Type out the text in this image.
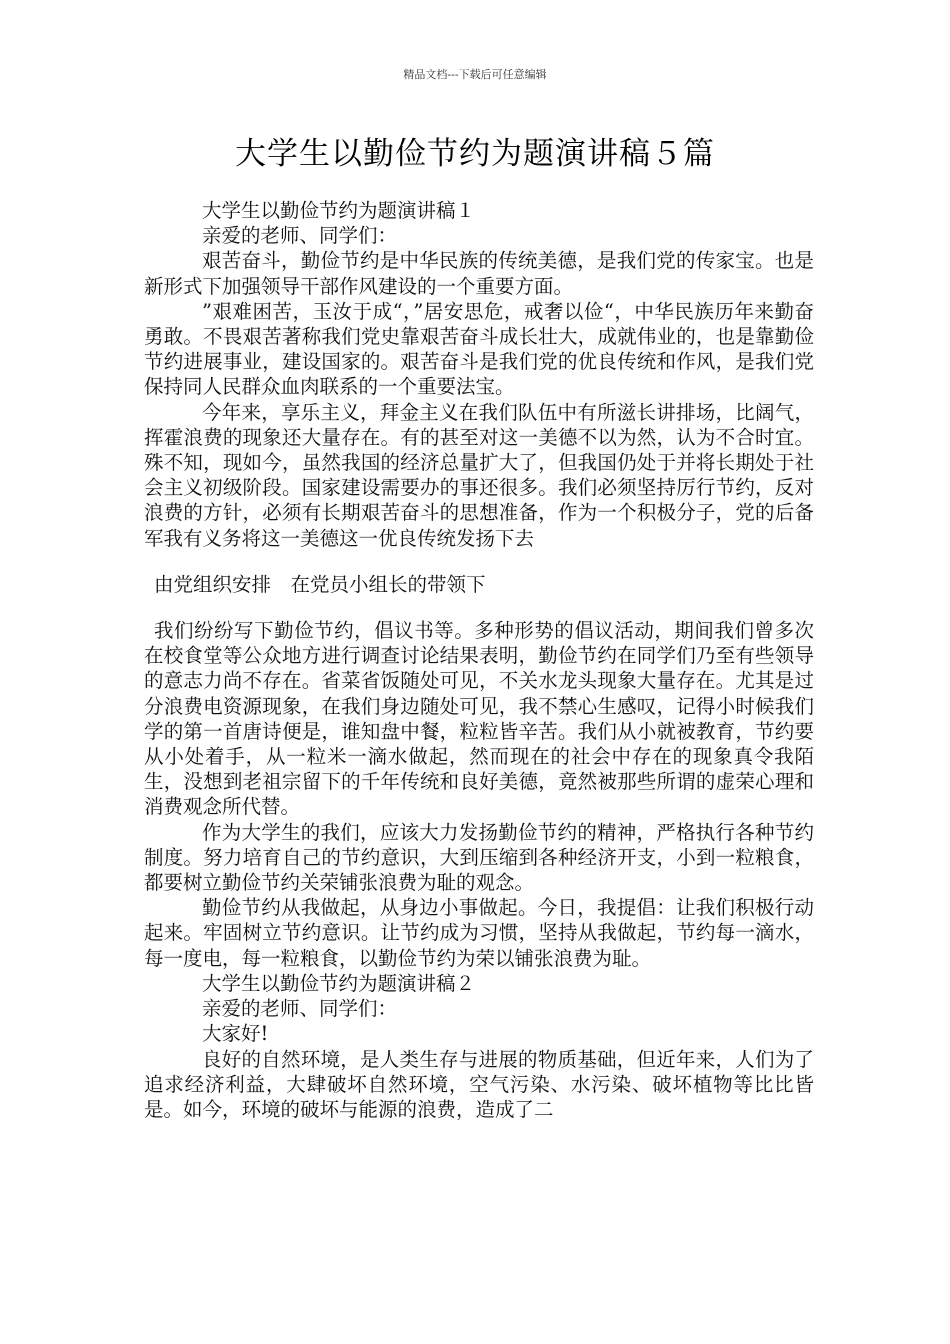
精品文档---下载后可任意编辑
大学生以勤俭节约为题演讲稿５篇

大学生以勤俭节约为题演讲稿１

亲爱的老师、同学们：

艰苦奋斗，勤俭节约是中华民族的传统美德，是我们党的传家宝。也是新形式下加强领导干部作风建设的一个重要方面。

”艰难困苦，玉汝于成“，”居安思危，戒奢以俭“，中华民族历年来勤奋勇敢。不畏艰苦著称我们党史靠艰苦奋斗成长壮大，成就伟业的，也是靠勤俭节约进展事业，建设国家的。艰苦奋斗是我们党的优良传统和作风，是我们党保持同人民群众血肉联系的一个重要法宝。

今年来，享乐主义，拜金主义在我们队伍中有所滋长讲排场，比阔气，挥霍浪费的现象还大量存在。有的甚至对这一美德不以为然，认为不合时宜。殊不知，现如今，虽然我国的经济总量扩大了，但我国仍处于并将长期处于社会主义初级阶段。国家建设需要办的事还很多。我们必须坚持厉行节约，反对浪费的方针，必须有长期艰苦奋斗的思想准备，作为一个积极分子，党的后备军我有义务将这一美德这一优良传统发扬下去

由党组织安排　在党员小组长的带领下

我们纷纷写下勤俭节约，倡议书等。多种形势的倡议活动，期间我们曾多次在校食堂等公众地方进行调查讨论结果表明，勤俭节约在同学们乃至有些领导的意志力尚不存在。省菜省饭随处可见，不关水龙头现象大量存在。尤其是过分浪费电资源现象，在我们身边随处可见，我不禁心生感叹，记得小时候我们学的第一首唐诗便是，谁知盘中餐，粒粒皆辛苦。我们从小就被教育，节约要从小处着手，从一粒米一滴水做起，然而现在的社会中存在的现象真令我陌生，没想到老祖宗留下的千年传统和良好美德，竟然被那些所谓的虚荣心理和消费观念所代替。

作为大学生的我们，应该大力发扬勤俭节约的精神，严格执行各种节约制度。努力培育自己的节约意识，大到压缩到各种经济开支，小到一粒粮食，都要树立勤俭节约关荣铺张浪费为耻的观念。

勤俭节约从我做起，从身边小事做起。今日，我提倡：让我们积极行动起来。牢固树立节约意识。让节约成为习惯，坚持从我做起，节约每一滴水，每一度电，每一粒粮食，以勤俭节约为荣以铺张浪费为耻。

大学生以勤俭节约为题演讲稿２

亲爱的老师、同学们：

大家好!

良好的自然环境，是人类生存与进展的物质基础，但近年来，人们为了追求经济利益，大肆破坏自然环境，空气污染、水污染、破坏植物等比比皆是。如今，环境的破坏与能源的浪费，造成了二
